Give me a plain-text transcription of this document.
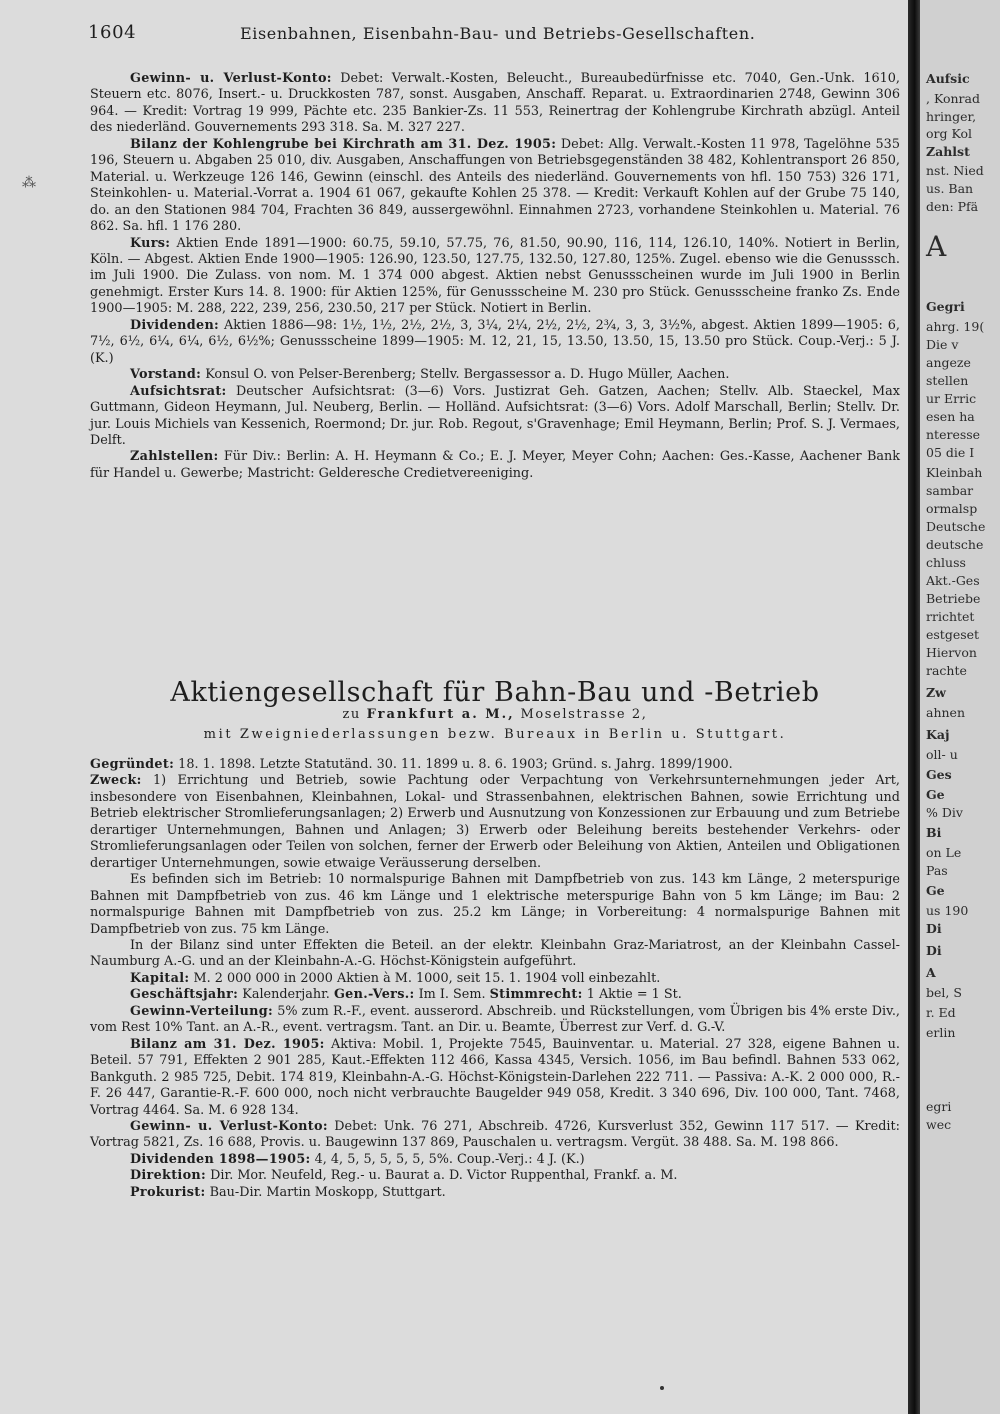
1604	Eisenbahnen, Eisenbahn-Bau- und Betriebs-Gesellschaften.
⁂

Gewinn- u. Verlust-Konto: Debet: Verwalt.-Kosten, Beleucht., Bureaubedürfnisse etc. 7040, Gen.-Unk. 1610, Steuern etc. 8076, Insert.- u. Druckkosten 787, sonst. Ausgaben, Anschaff. Reparat. u. Extraordinarien 2748, Gewinn 306 964. — Kredit: Vortrag 19 999, Pächte etc. 235 Bankier-Zs. 11 553, Reinertrag der Kohlengrube Kirchrath abzügl. Anteil des niederländ. Gouvernements 293 318. Sa. M. 327 227.

Bilanz der Kohlengrube bei Kirchrath am 31. Dez. 1905: Debet: Allg. Verwalt.-Kosten 11 978, Tagelöhne 535 196, Steuern u. Abgaben 25 010, div. Ausgaben, Anschaffungen von Betriebsgegenständen 38 482, Kohlentransport 26 850, Material. u. Werkzeuge 126 146, Gewinn (einschl. des Anteils des niederländ. Gouvernements von hfl. 150 753) 326 171, Steinkohlen- u. Material.-Vorrat a. 1904 61 067, gekaufte Kohlen 25 378. — Kredit: Verkauft Kohlen auf der Grube 75 140, do. an den Stationen 984 704, Frachten 36 849, aussergewöhnl. Einnahmen 2723, vorhandene Steinkohlen u. Material. 76 862. Sa. hfl. 1 176 280.

Kurs: Aktien Ende 1891—1900: 60.75, 59.10, 57.75, 76, 81.50, 90.90, 116, 114, 126.10, 140%. Notiert in Berlin, Köln. — Abgest. Aktien Ende 1900—1905: 126.90, 123.50, 127.75, 132.50, 127.80, 125%. Zugel. ebenso wie die Genusssch. im Juli 1900. Die Zulass. von nom. M. 1 374 000 abgest. Aktien nebst Genussscheinen wurde im Juli 1900 in Berlin genehmigt. Erster Kurs 14. 8. 1900: für Aktien 125%, für Genussscheine M. 230 pro Stück. Genussscheine franko Zs. Ende 1900—1905: M. 288, 222, 239, 256, 230.50, 217 per Stück. Notiert in Berlin.

Dividenden: Aktien 1886—98: 1½, 1½, 2½, 2½, 3, 3¼, 2¼, 2½, 2½, 2¾, 3, 3, 3½%, abgest. Aktien 1899—1905: 6, 7½, 6½, 6¼, 6¼, 6½, 6½%; Genussscheine 1899—1905: M. 12, 21, 15, 13.50, 13.50, 15, 13.50 pro Stück. Coup.-Verj.: 5 J. (K.)

Vorstand: Konsul O. von Pelser-Berenberg; Stellv. Bergassessor a. D. Hugo Müller, Aachen.

Aufsichtsrat: Deutscher Aufsichtsrat: (3—6) Vors. Justizrat Geh. Gatzen, Aachen; Stellv. Alb. Staeckel, Max Guttmann, Gideon Heymann, Jul. Neuberg, Berlin. — Holländ. Aufsichtsrat: (3—6) Vors. Adolf Marschall, Berlin; Stellv. Dr. jur. Louis Michiels van Kessenich, Roermond; Dr. jur. Rob. Regout, s'Gravenhage; Emil Heymann, Berlin; Prof. S. J. Vermaes, Delft.

Zahlstellen: Für Div.: Berlin: A. H. Heymann & Co.; E. J. Meyer, Meyer Cohn; Aachen: Ges.-Kasse, Aachener Bank für Handel u. Gewerbe; Mastricht: Gelderesche Credietvereeniging.

Aktiengesellschaft für Bahn-Bau und -Betrieb
zu Frankfurt a. M., Moselstrasse 2,
mit Zweigniederlassungen bezw. Bureaux in Berlin u. Stuttgart.

Gegründet: 18. 1. 1898. Letzte Statutänd. 30. 11. 1899 u. 8. 6. 1903; Gründ. s. Jahrg. 1899/1900.

Zweck: 1) Errichtung und Betrieb, sowie Pachtung oder Verpachtung von Verkehrsunternehmungen jeder Art, insbesondere von Eisenbahnen, Kleinbahnen, Lokal- und Strassenbahnen, elektrischen Bahnen, sowie Errichtung und Betrieb elektrischer Stromlieferungsanlagen; 2) Erwerb und Ausnutzung von Konzessionen zur Erbauung und zum Betriebe derartiger Unternehmungen, Bahnen und Anlagen; 3) Erwerb oder Beleihung bereits bestehender Verkehrs- oder Stromlieferungsanlagen oder Teilen von solchen, ferner der Erwerb oder Beleihung von Aktien, Anteilen und Obligationen derartiger Unternehmungen, sowie etwaige Veräusserung derselben.

Es befinden sich im Betrieb: 10 normalspurige Bahnen mit Dampfbetrieb von zus. 143 km Länge, 2 meterspurige Bahnen mit Dampfbetrieb von zus. 46 km Länge und 1 elektrische meterspurige Bahn von 5 km Länge; im Bau: 2 normalspurige Bahnen mit Dampfbetrieb von zus. 25.2 km Länge; in Vorbereitung: 4 normalspurige Bahnen mit Dampfbetrieb von zus. 75 km Länge.

In der Bilanz sind unter Effekten die Beteil. an der elektr. Kleinbahn Graz-Mariatrost, an der Kleinbahn Cassel-Naumburg A.-G. und an der Kleinbahn-A.-G. Höchst-Königstein aufgeführt.

Kapital: M. 2 000 000 in 2000 Aktien à M. 1000, seit 15. 1. 1904 voll einbezahlt.

Geschäftsjahr: Kalenderjahr. Gen.-Vers.: Im I. Sem. Stimmrecht: 1 Aktie = 1 St.

Gewinn-Verteilung: 5% zum R.-F., event. ausserord. Abschreib. und Rückstellungen, vom Übrigen bis 4% erste Div., vom Rest 10% Tant. an A.-R., event. vertragsm. Tant. an Dir. u. Beamte, Überrest zur Verf. d. G.-V.

Bilanz am 31. Dez. 1905: Aktiva: Mobil. 1, Projekte 7545, Bauinventar. u. Material. 27 328, eigene Bahnen u. Beteil. 57 791, Effekten 2 901 285, Kaut.-Effekten 112 466, Kassa 4345, Versich. 1056, im Bau befindl. Bahnen 533 062, Bankguth. 2 985 725, Debit. 174 819, Kleinbahn-A.-G. Höchst-Königstein-Darlehen 222 711. — Passiva: A.-K. 2 000 000, R.-F. 26 447, Garantie-R.-F. 600 000, noch nicht verbrauchte Baugelder 949 058, Kredit. 3 340 696, Div. 100 000, Tant. 7468, Vortrag 4464. Sa. M. 6 928 134.

Gewinn- u. Verlust-Konto: Debet: Unk. 76 271, Abschreib. 4726, Kursverlust 352, Gewinn 117 517. — Kredit: Vortrag 5821, Zs. 16 688, Provis. u. Baugewinn 137 869, Pauschalen u. vertragsm. Vergüt. 38 488. Sa. M. 198 866.

Dividenden 1898—1905: 4, 4, 5, 5, 5, 5, 5, 5%. Coup.-Verj.: 4 J. (K.)

Direktion: Dir. Mor. Neufeld, Reg.- u. Baurat a. D. Victor Ruppenthal, Frankf. a. M.

Prokurist: Bau-Dir. Martin Moskopp, Stuttgart.

Aufsic
, Konrad
hringer,
org Kol
Zahlst
nst. Nied
us. Ban
den: Pfä
A
Gegri
ahrg. 19(
Die v
angeze
stellen
ur Erric
esen ha
nteresse
05 die I
Kleinbah
sambar
ormalsp
Deutsche
deutsche
chluss
Akt.-Ges
Betriebe
rrichtet
estgeset
Hiervon
rachte
Zw
ahnen
Kaj
oll- u
Ges
Ge
% Div
Bi
on Le
Pas
Ge
us 190
Di
Di
A
bel, S
r. Ed
erlin
egri
wec
